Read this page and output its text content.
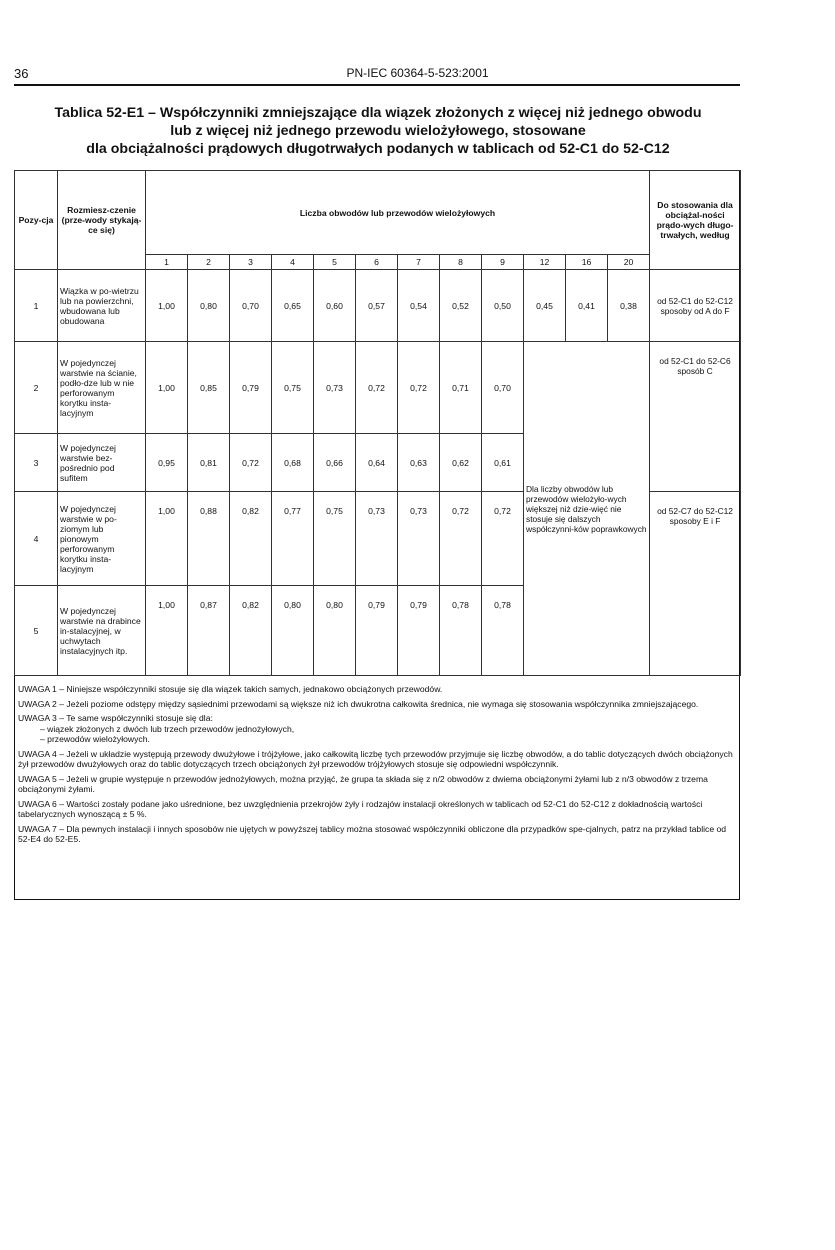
36	PN-IEC 60364-5-523:2001
Tablica 52-E1 – Współczynniki zmniejszające dla wiązek złożonych z więcej niż jednego obwodu
lub z więcej niż jednego przewodu wielożyłowego, stosowane
dla obciążalności prądowych długotrwałych podanych w tablicach od 52-C1 do 52-C12
Pozy-cja	Rozmiesz-czenie (prze-wody stykają-ce się)	Liczba obwodów lub przewodów wielożyłowych												Do stosowania dla obciążal-ności prądo-wych długo-trwałych, według
		1	2	3	4	5	6	7	8	9	12	16	20	
1	Wiązka w po-wietrzu lub na powierzchni, wbudowana lub obudowana	1,00	0,80	0,70	0,65	0,60	0,57	0,54	0,52	0,50	0,45	0,41	0,38	od 52-C1 do 52-C12 sposoby od A do F
2	W pojedynczej warstwie na ścianie, podło-dze lub w nie perforowanym korytku insta-lacyjnym	1,00	0,85	0,79	0,75	0,73	0,72	0,72	0,71	0,70	Dla liczby obwodów lub przewodów wielożyło-wych większej niż dzie-więć nie stosuje się dalszych współczynni-ków poprawkowych			od 52-C1 do 52-C6 sposób C
3	W pojedynczej warstwie bez-pośrednio pod sufitem	0,95	0,81	0,72	0,68	0,66	0,64	0,63	0,62	0,61				
4	W pojedynczej warstwie w po-ziomym lub pionowym perforowanym korytku insta-lacyjnym	1,00	0,88	0,82	0,77	0,75	0,73	0,73	0,72	0,72				od 52-C7 do 52-C12 sposoby E i F
5	W pojedynczej warstwie na drabince in-stalacyjnej, w uchwytach instalacyjnych itp.	1,00	0,87	0,82	0,80	0,80	0,79	0,79	0,78	0,78				

UWAGA 1 – Niniejsze współczynniki stosuje się dla wiązek takich samych, jednakowo obciążonych przewodów.

UWAGA 2 – Jeżeli poziome odstępy między sąsiednimi przewodami są większe niż ich dwukrotna całkowita średnica, nie wymaga się stosowania współczynnika zmniejszającego.

UWAGA 3 – Te same współczynniki stosuje się dla:
– wiązek złożonych z dwóch lub trzech przewodów jednożyłowych,
– przewodów wielożyłowych.

UWAGA 4 – Jeżeli w układzie występują przewody dwużyłowe i trójżyłowe, jako całkowitą liczbę tych przewodów przyjmuje się liczbę obwodów, a do tablic dotyczących dwóch obciążonych żył przewodów dwużyłowych oraz do tablic dotyczących trzech obciążonych żył przewodów trójżyłowych stosuje się odpowiedni współczynnik.

UWAGA 5 – Jeżeli w grupie występuje n przewodów jednożyłowych, można przyjąć, że grupa ta składa się z n/2 obwodów z dwiema obciążonymi żyłami lub z n/3 obwodów z trzema obciążonymi żyłami.

UWAGA 6 – Wartości zostały podane jako uśrednione, bez uwzględnienia przekrojów żyły i rodzajów instalacji określonych w tablicach od 52-C1 do 52-C12 z dokładnością wartości tabelarycznych wynoszącą ± 5 %.

UWAGA 7 – Dla pewnych instalacji i innych sposobów nie ujętych w powyższej tablicy można stosować współczynniki obliczone dla przypadków spe-cjalnych, patrz na przykład tablice od 52-E4 do 52-E5.
